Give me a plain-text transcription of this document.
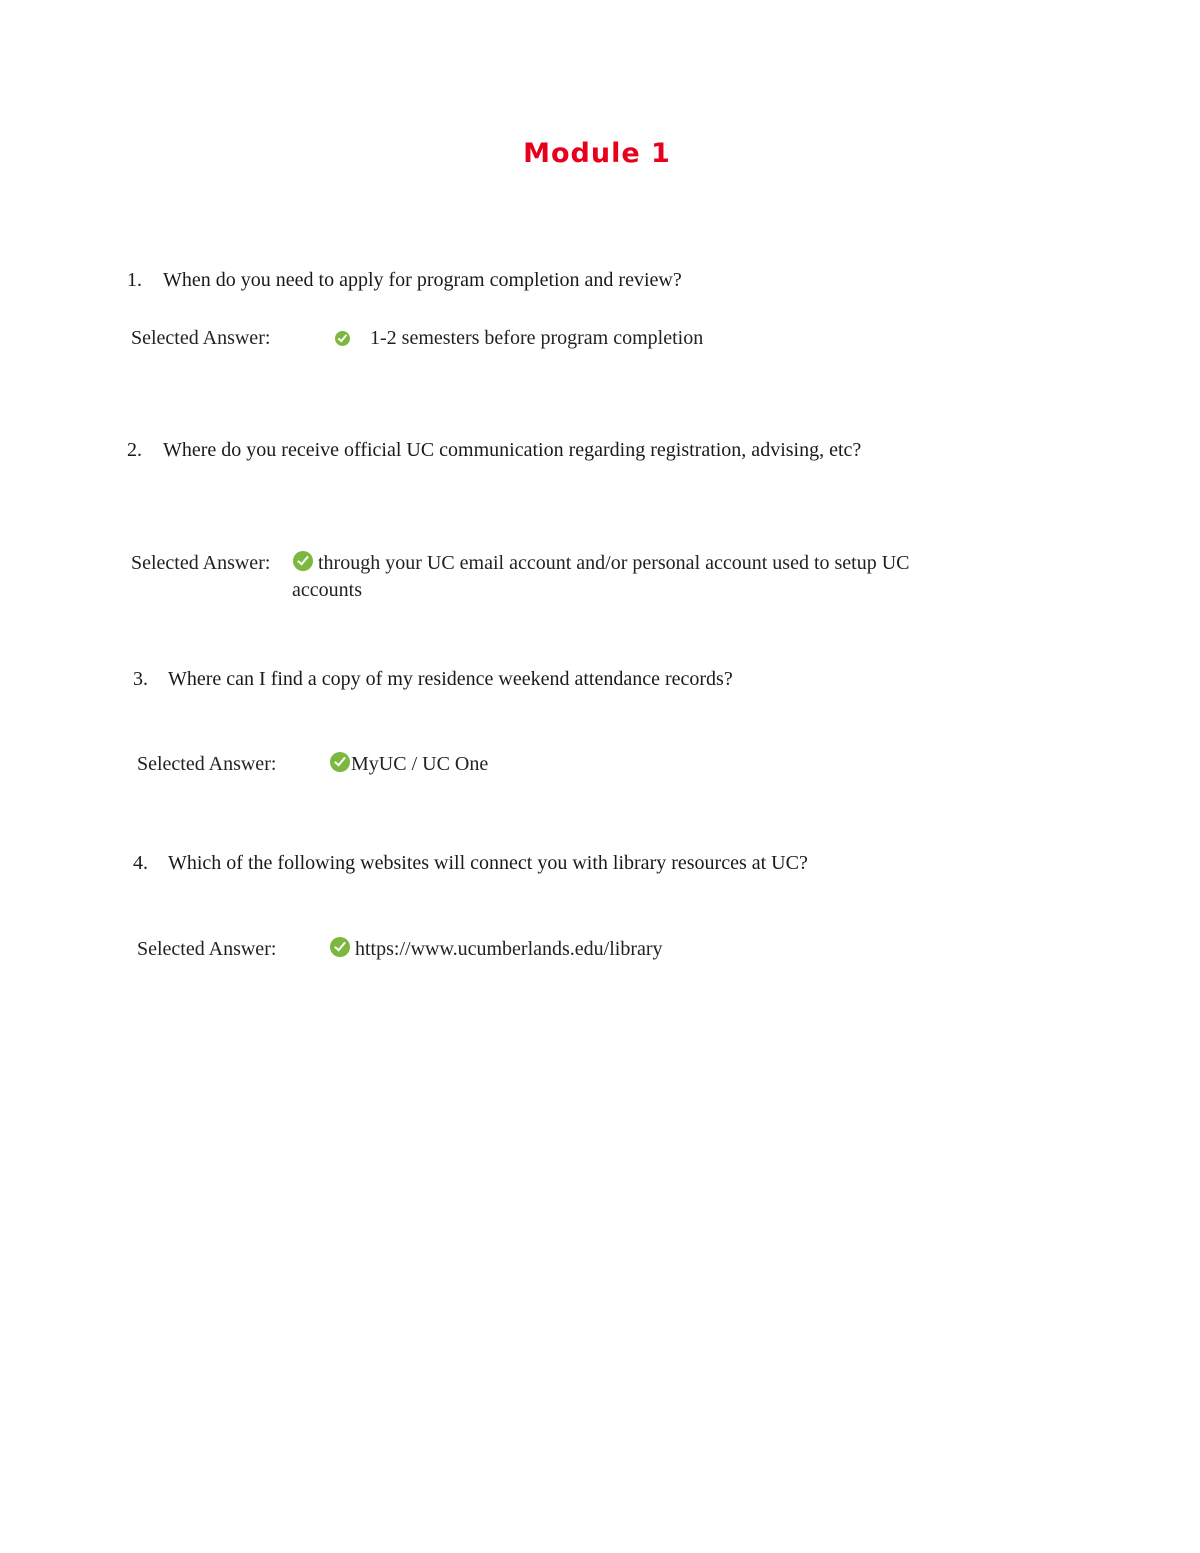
Module 1
1. When do you need to apply for program completion and review?
Selected Answer:	1-2 semesters before program completion
2. Where do you receive official UC communication regarding registration, advising, etc?
Selected Answer: through your UC email account and/or personal account used to setup UC
accounts
3. Where can I find a copy of my residence weekend attendance records?
Selected Answer:	MyUC / UC One
4. Which of the following websites will connect you with library resources at UC?
Selected Answer:	https://www.ucumberlands.edu/library
